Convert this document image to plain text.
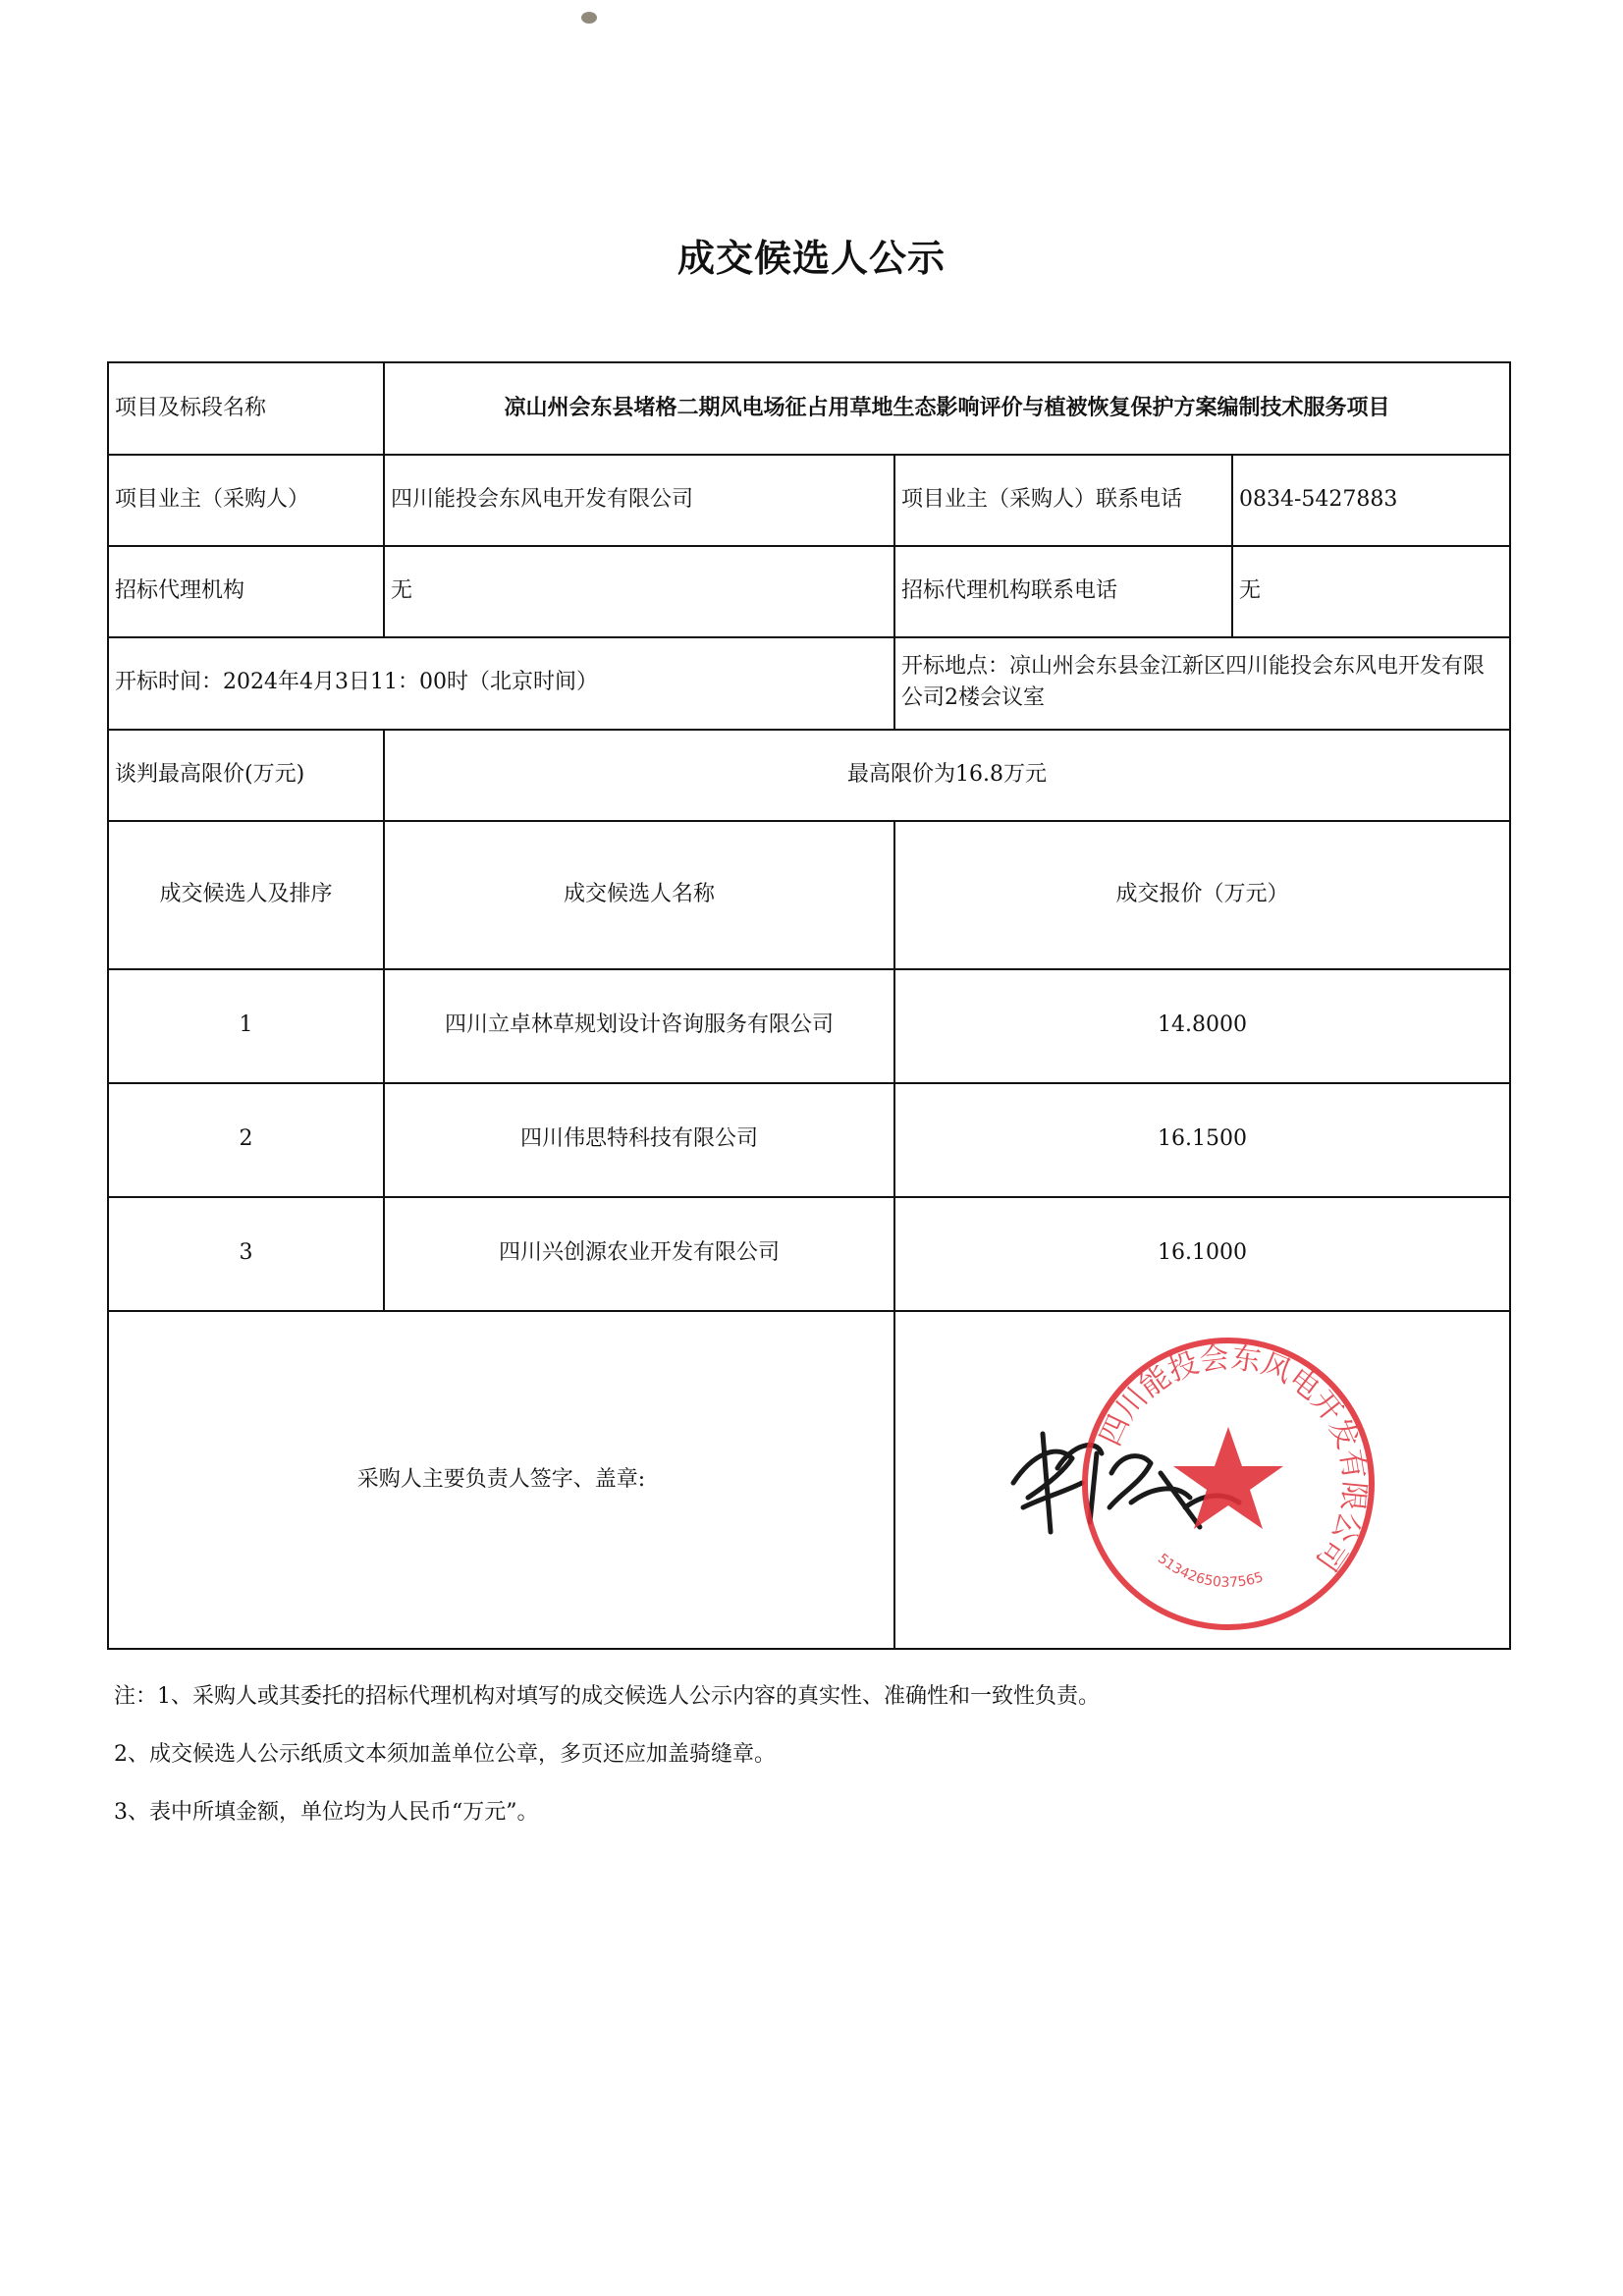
成交候选人公示
项目及标段名称	凉山州会东县堵格二期风电场征占用草地生态影响评价与植被恢复保护方案编制技术服务项目
项目业主（采购人）	四川能投会东风电开发有限公司	项目业主（采购人）联系电话	0834-5427883
招标代理机构	无	招标代理机构联系电话	无
开标时间：2024年4月3日11：00时（北京时间）
开标地点：凉山州会东县金江新区四川能投会东风电开发有限公司2楼会议室
谈判最高限价(万元)	最高限价为16.8万元
成交候选人及排序	成交候选人名称	成交报价（万元）
1	四川立卓林草规划设计咨询服务有限公司	14.8000
2	四川伟思特科技有限公司	16.1500
3	四川兴创源农业开发有限公司	16.1000
采购人主要负责人签字、盖章:
四川能投会东风电开发有限公司
5134265037565

注：1、采购人或其委托的招标代理机构对填写的成交候选人公示内容的真实性、准确性和一致性负责。

2、成交候选人公示纸质文本须加盖单位公章，多页还应加盖骑缝章。

3、表中所填金额，单位均为人民币“万元”。
